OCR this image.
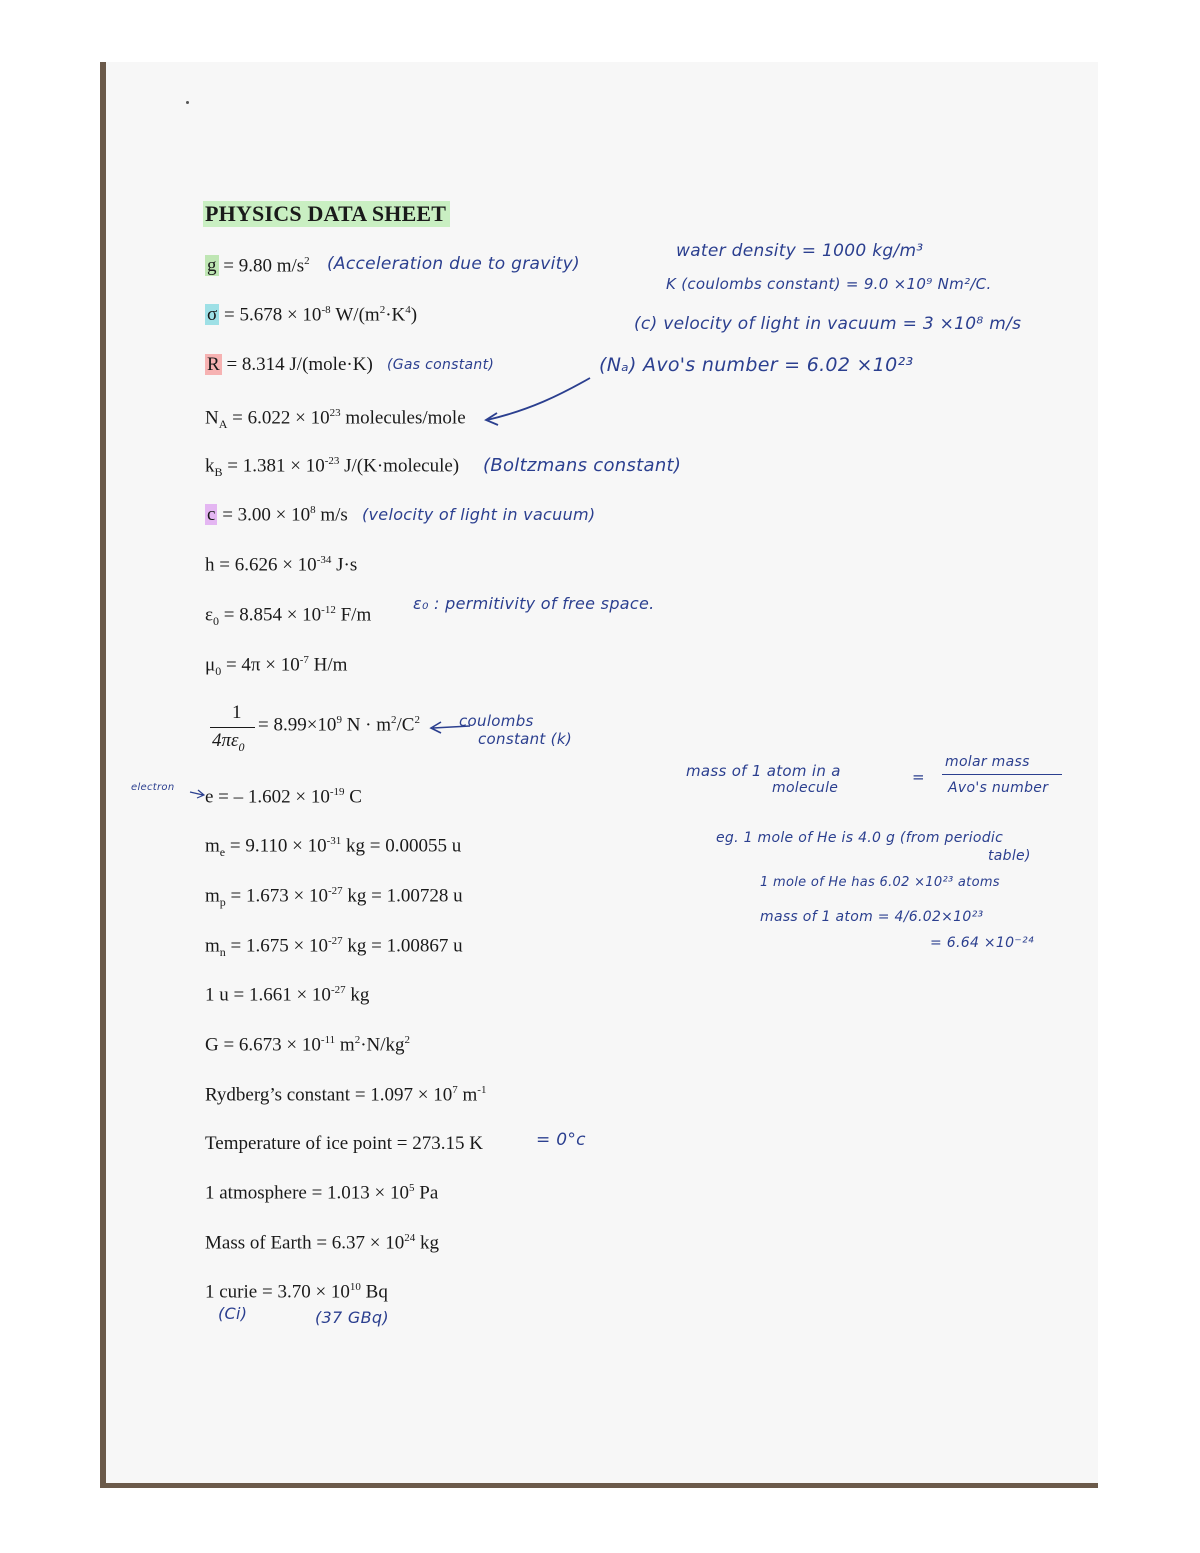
PHYSICS DATA SHEET
g = 9.80 $m/s^2$ (Acceleration due to gravity)
$\sigma = 5.678 \times 10^{-8}$ $W/(m^2\cdot K^4)$
R = 8.314 J/(mole·K) (Gas constant)
$N_A = 6.022 \times 10^{23}$ molecules/mole
$k_B = 1.381 \times 10^{-23}$ J/(K·molecule) (Boltzmans constant)
$c = 3.00 \times 10^8$ m/s (velocity of light in vacuum)
$h = 6.626 \times 10^{-34}$ J·s
$\varepsilon_0 = 8.854 \times 10^{-12}$ F/m
ε₀ : permitivity of free space.
$\mu_0 = 4\pi \times 10^{-7}$ H/m
1
$4\pi\varepsilon_0$
= $8.99\times 10^9$ $N \cdot m^2/C^2$	coulombs
constant (k)
electron e = – $1.602 \times 10^{-19}$ C
$m_e = 9.110 \times 10^{-31}$ kg = 0.00055 u
$m_p = 1.673 \times 10^{-27}$ kg = 1.00728 u
$m_n = 1.675 \times 10^{-27}$ kg = 1.00867 u
1 $u = 1.661 \times 10^{-27}$ kg
$G = 6.673 \times 10^{-11}$ $m^2\cdot N/kg^2$
Rydberg’s constant = $1.097 \times 10^7$ $m^{-1}$
Temperature of ice point = 273.15 K	= 0°c
1 atmosphere = $1.013 \times 10^5$ Pa
Mass of Earth = $6.37 \times 10^{24}$ kg
1 curie = $3.70 \times 10^{10}$ Bq
(Ci)	(37 GBq)
water density = 1000 kg/m³
K (coulombs constant) = 9.0 ×10⁹ Nm²/C.
(c) velocity of light in vacuum = 3 ×10⁸ m/s
(Nₐ) Avo's number = 6.02 ×10²³
mass of 1 atom in a
molecule
=
molar mass
Avo's number
eg. 1 mole of He is 4.0 g (from periodic
table)
1 mole of He has 6.02 ×10²³ atoms
mass of 1 atom = 4/6.02×10²³
= 6.64 ×10⁻²⁴
